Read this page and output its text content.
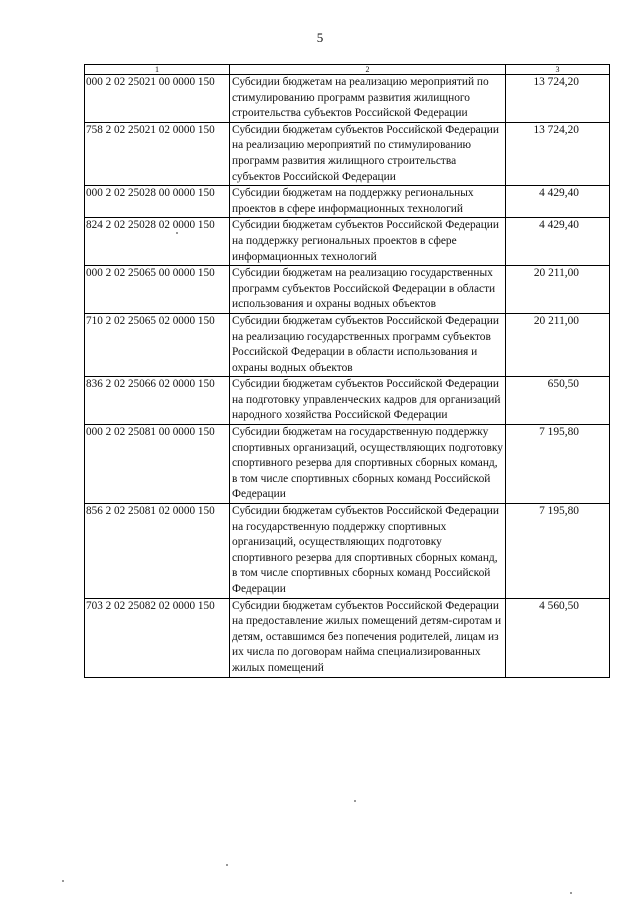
5
1	2	3
000 2 02 25021 00 0000 150	Субсидии бюджетам на реализацию мероприятий по стимулированию программ развития жилищного строительства субъектов Российской Федерации	13 724,20
758 2 02 25021 02 0000 150	Субсидии бюджетам субъектов Российской Федерации на реализацию мероприятий по стимулированию программ развития жилищного строительства субъектов Российской Федерации	13 724,20
000 2 02 25028 00 0000 150	Субсидии бюджетам на поддержку региональных проектов в сфере информационных технологий	4 429,40
824 2 02 25028 02 0000 150	Субсидии бюджетам субъектов Российской Федерации на поддержку региональных проектов в сфере информационных технологий	4 429,40
000 2 02 25065 00 0000 150	Субсидии бюджетам на реализацию государственных программ субъектов Российской Федерации в области использования и охраны водных объектов	20 211,00
710 2 02 25065 02 0000 150	Субсидии бюджетам субъектов Российской Федерации на реализацию государственных программ субъектов Российской Федерации в области использования и охраны водных объектов	20 211,00
836 2 02 25066 02 0000 150	Субсидии бюджетам субъектов Российской Федерации на подготовку управленческих кадров для организаций народного хозяйства Российской Федерации	650,50
000 2 02 25081 00 0000 150	Субсидии бюджетам на государственную поддержку спортивных организаций, осуществляющих подготовку спортивного резерва для спортивных сборных команд, в том числе спортивных сборных команд Российской Федерации	7 195,80
856 2 02 25081 02 0000 150	Субсидии бюджетам субъектов Российской Федерации на государственную поддержку спортивных организаций, осуществляющих подготовку спортивного резерва для спортивных сборных команд, в том числе спортивных сборных команд Российской Федерации	7 195,80
703 2 02 25082 02 0000 150	Субсидии бюджетам субъектов Российской Федерации на предоставление жилых помещений детям-сиротам и детям, оставшимся без попечения родителей, лицам из их числа по договорам найма специализированных жилых помещений	4 560,50
